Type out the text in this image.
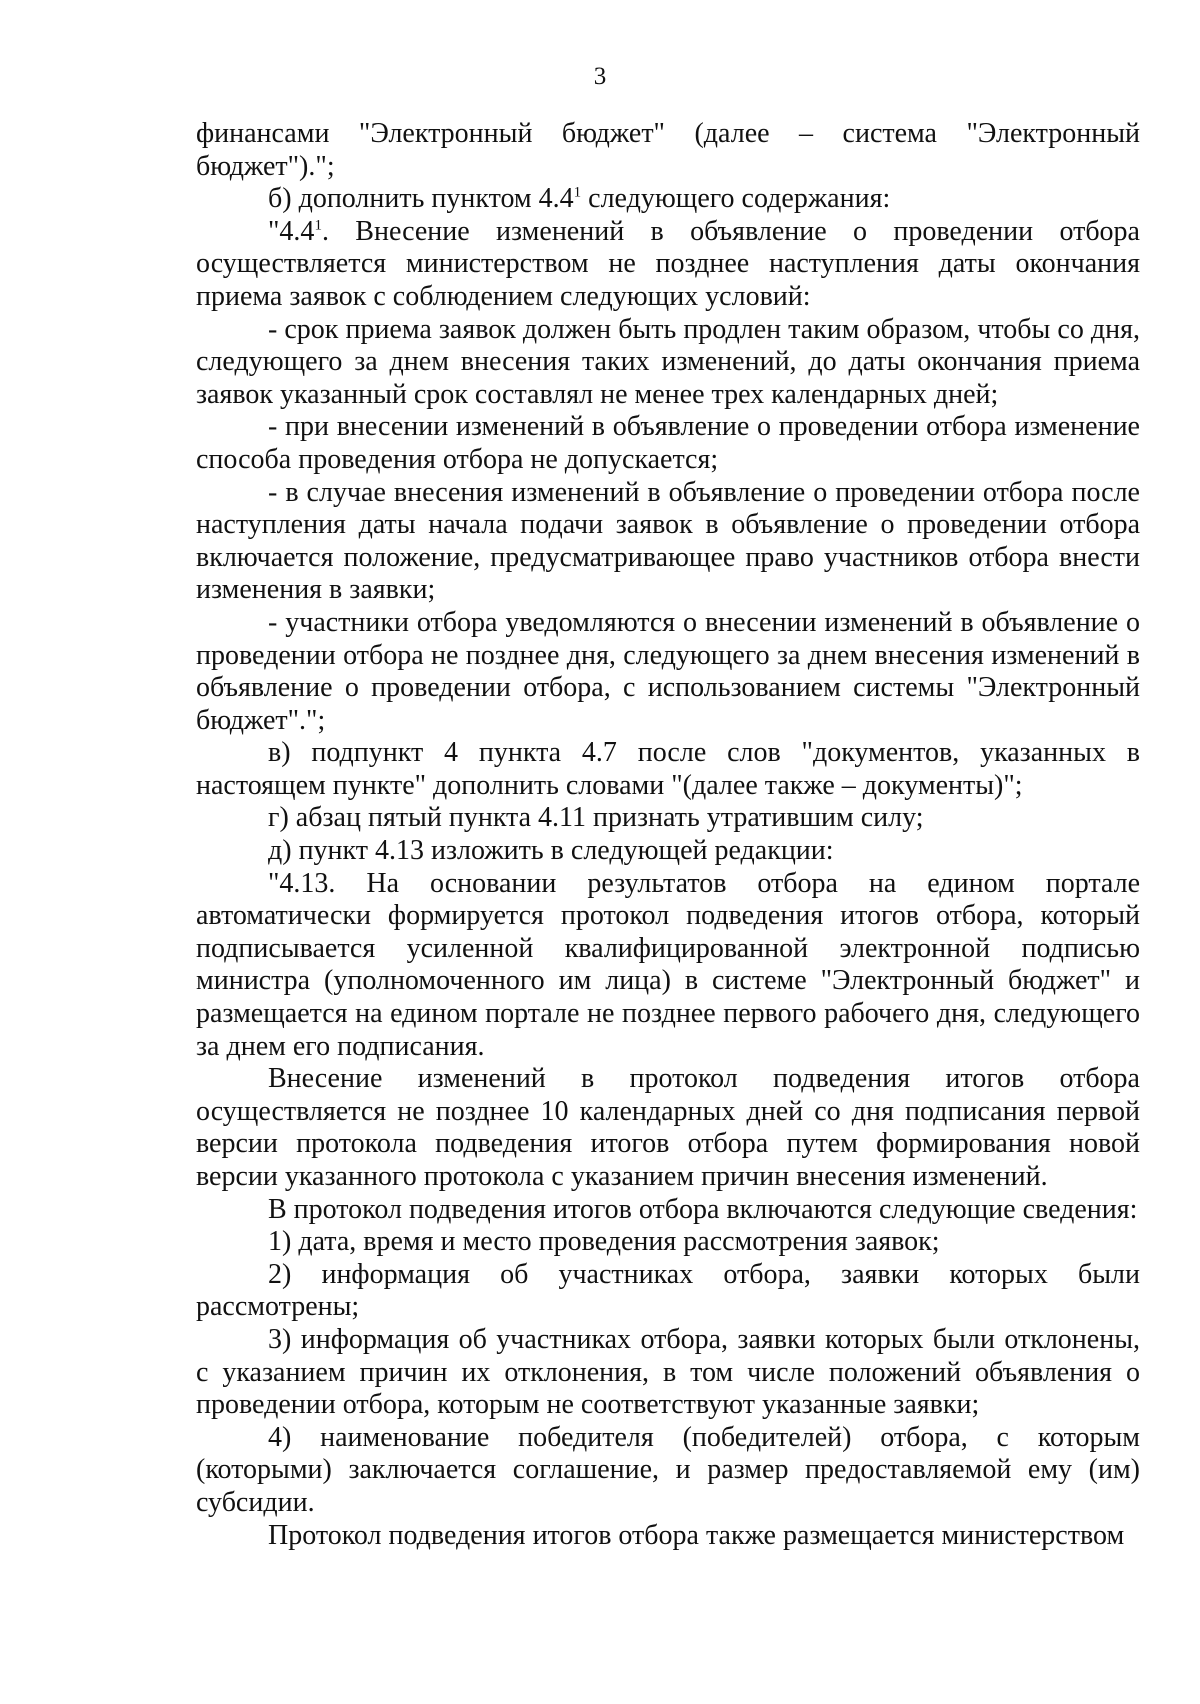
3

финансами "Электронный бюджет" (далее – система "Электронный бюджет").";

б) дополнить пунктом $4.4^1$ следующего содержания:

"$4.4^1$. Внесение изменений в объявление о проведении отбора осуществляется министерством не позднее наступления даты окончания приема заявок с соблюдением следующих условий:

- срок приема заявок должен быть продлен таким образом, чтобы со дня, следующего за днем внесения таких изменений, до даты окончания приема заявок указанный срок составлял не менее трех календарных дней;

- при внесении изменений в объявление о проведении отбора изменение способа проведения отбора не допускается;

- в случае внесения изменений в объявление о проведении отбора после наступления даты начала подачи заявок в объявление о проведении отбора включается положение, предусматривающее право участников отбора внести изменения в заявки;

- участники отбора уведомляются о внесении изменений в объявление о проведении отбора не позднее дня, следующего за днем внесения изменений в объявление о проведении отбора, с использованием системы "Электронный бюджет".";

в) подпункт 4 пункта 4.7 после слов "документов, указанных в настоящем пункте" дополнить словами "(далее также – документы)";

г) абзац пятый пункта 4.11 признать утратившим силу;

д) пункт 4.13 изложить в следующей редакции:

"4.13. На основании результатов отбора на едином портале автоматически формируется протокол подведения итогов отбора, который подписывается усиленной квалифицированной электронной подписью министра (уполномоченного им лица) в системе "Электронный бюджет" и размещается на едином портале не позднее первого рабочего дня, следующего за днем его подписания.

Внесение изменений в протокол подведения итогов отбора осуществляется не позднее 10 календарных дней со дня подписания первой версии протокола подведения итогов отбора путем формирования новой версии указанного протокола с указанием причин внесения изменений.

В протокол подведения итогов отбора включаются следующие сведения:

1) дата, время и место проведения рассмотрения заявок;

2) информация об участниках отбора, заявки которых были рассмотрены;

3) информация об участниках отбора, заявки которых были отклонены, с указанием причин их отклонения, в том числе положений объявления о проведении отбора, которым не соответствуют указанные заявки;

4) наименование победителя (победителей) отбора, с которым (которыми) заключается соглашение, и размер предоставляемой ему (им) субсидии.

Протокол подведения итогов отбора также размещается министерством
